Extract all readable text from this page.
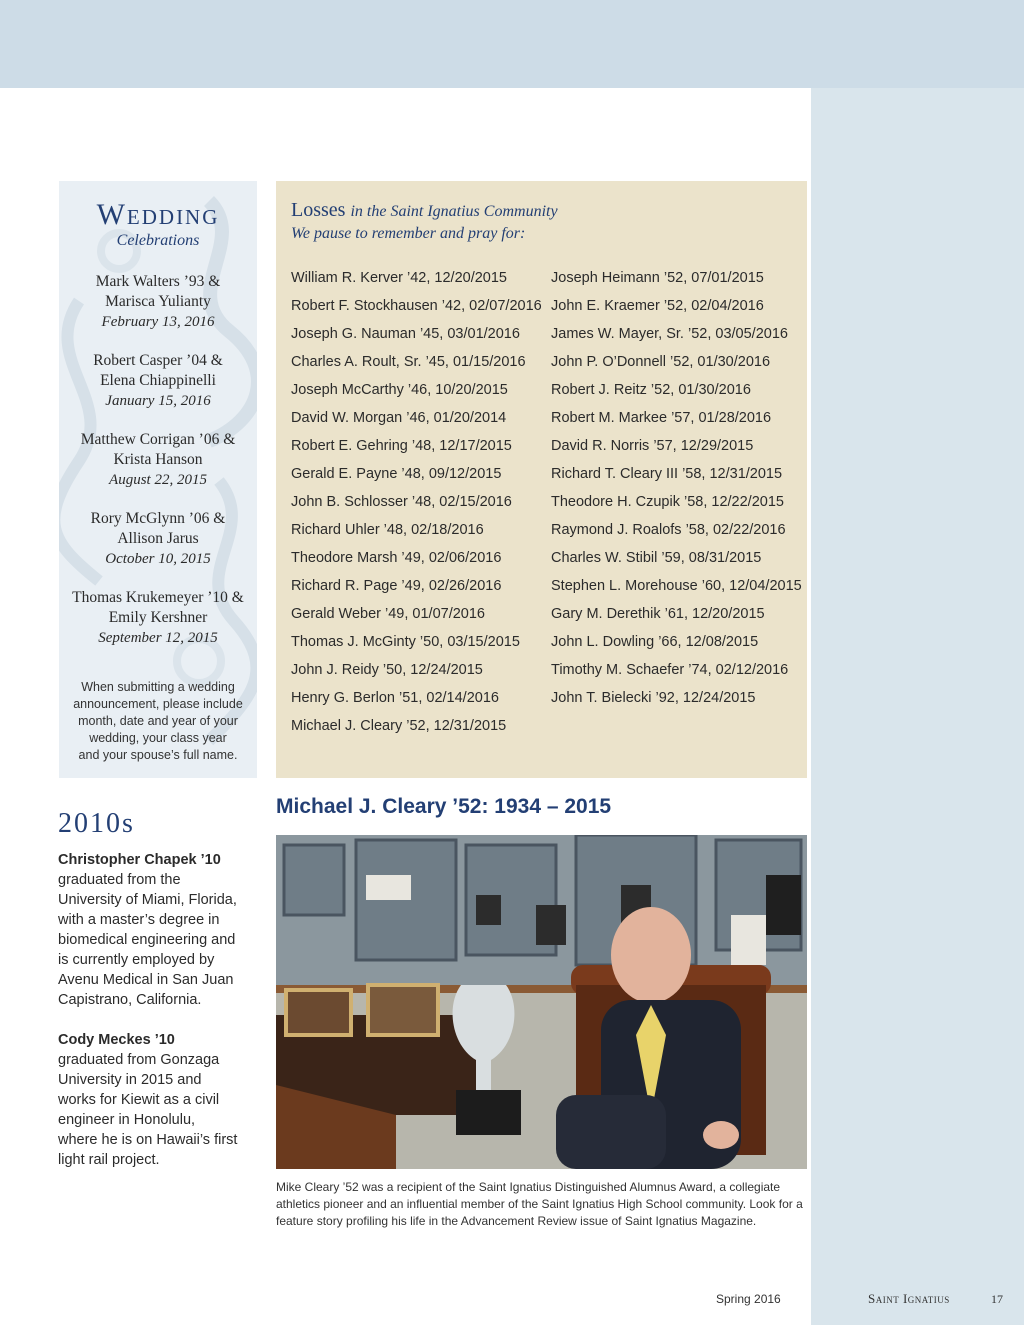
Wedding
Celebrations
Mark Walters ’93 &
Marisca Yulianty
February 13, 2016
Robert Casper ’04 &
Elena Chiappinelli
January 15, 2016
Matthew Corrigan ’06 &
Krista Hanson
August 22, 2015
Rory McGlynn ’06 &
Allison Jarus
October 10, 2015
Thomas Krukemeyer ’10 &
Emily Kershner
September 12, 2015
When submitting a wedding
announcement, please include
month, date and year of your
wedding, your class year
and your spouse’s full name.
Losses in the Saint Ignatius Community
We pause to remember and pray for:
William R. Kerver ’42, 12/20/2015
Robert F. Stockhausen ’42, 02/07/2016
Joseph G. Nauman ’45, 03/01/2016
Charles A. Roult, Sr. ’45, 01/15/2016
Joseph McCarthy ’46, 10/20/2015
David W. Morgan ’46, 01/20/2014
Robert E. Gehring ’48, 12/17/2015
Gerald E. Payne ’48, 09/12/2015
John B. Schlosser ’48, 02/15/2016
Richard Uhler ’48, 02/18/2016
Theodore Marsh ’49, 02/06/2016
Richard R. Page ’49, 02/26/2016
Gerald Weber ’49, 01/07/2016
Thomas J. McGinty ’50, 03/15/2015
John J. Reidy ’50, 12/24/2015
Henry G. Berlon ’51, 02/14/2016
Michael J. Cleary ’52, 12/31/2015
Joseph Heimann ’52, 07/01/2015
John E. Kraemer ’52, 02/04/2016
James W. Mayer, Sr. ’52, 03/05/2016
John P. O’Donnell ’52, 01/30/2016
Robert J. Reitz ’52, 01/30/2016
Robert M. Markee ’57, 01/28/2016
David R. Norris ’57, 12/29/2015
Richard T. Cleary III ’58, 12/31/2015
Theodore H. Czupik ’58, 12/22/2015
Raymond J. Roalofs ’58, 02/22/2016
Charles W. Stibil ’59, 08/31/2015
Stephen L. Morehouse ’60, 12/04/2015
Gary M. Derethik ’61, 12/20/2015
John L. Dowling ’66, 12/08/2015
Timothy M. Schaefer ’74, 02/12/2016
John T. Bielecki ’92, 12/24/2015
2010s

Christopher Chapek ’10
graduated from the University of Miami, Florida, with a master’s degree in biomedical engineering and is currently employed by Avenu Medical in San Juan Capistrano, California.

Cody Meckes ’10
graduated from Gonzaga University in 2015 and works for Kiewit as a civil engineer in Honolulu, where he is on Hawaii’s first light rail project.

Michael J. Cleary ’52: 1934 – 2015
Mike Cleary ’52 was a recipient of the Saint Ignatius Distinguished Alumnus Award, a collegiate athletics pioneer and an influential member of the Saint Ignatius High School community. Look for a feature story profiling his life in the Advancement Review issue of Saint Ignatius Magazine.
Spring 2016	Saint Ignatius	17
